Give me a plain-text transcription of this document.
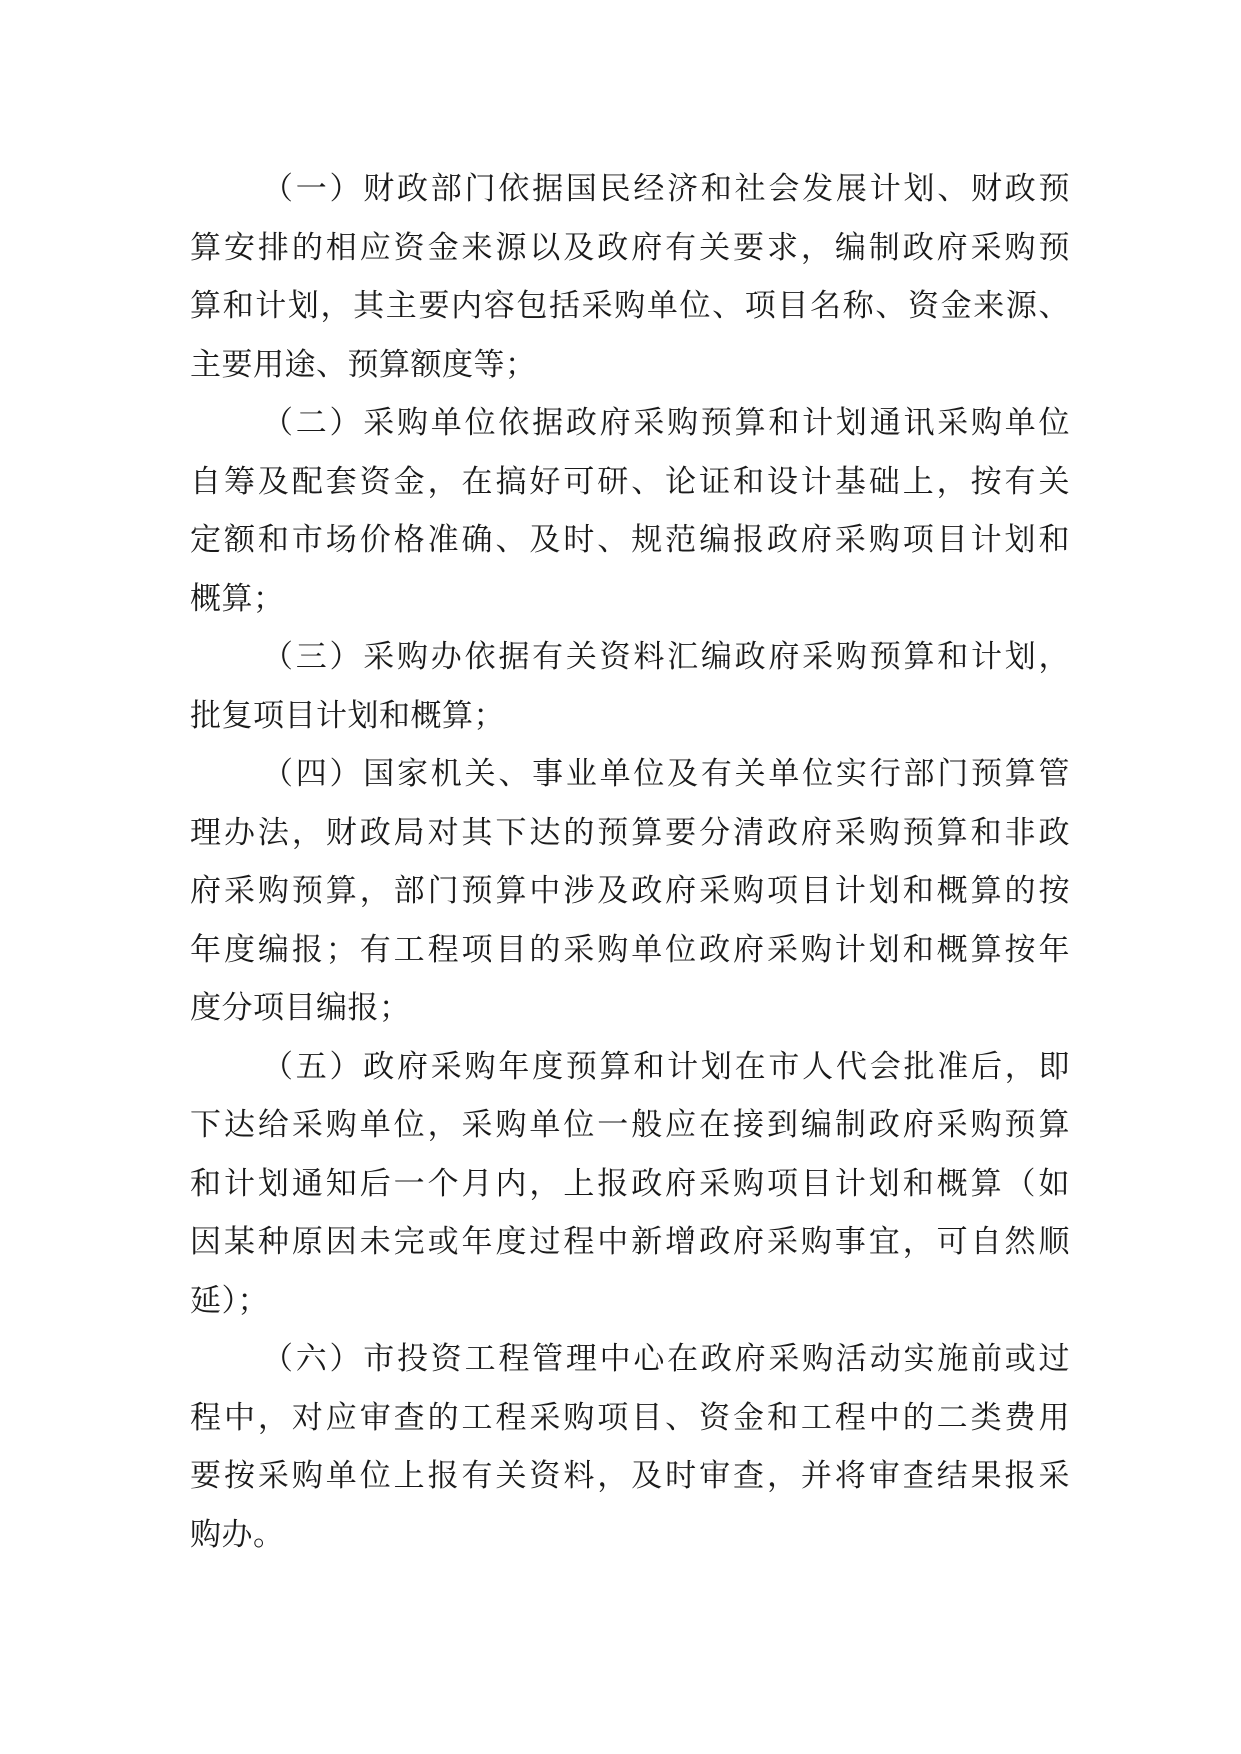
（一）财政部门依据国民经济和社会发展计划、财政预
算安排的相应资金来源以及政府有关要求，编制政府采购预
算和计划，其主要内容包括采购单位、项目名称、资金来源、
主要用途、预算额度等；
（二）采购单位依据政府采购预算和计划通讯采购单位
自筹及配套资金，在搞好可研、论证和设计基础上，按有关
定额和市场价格准确、及时、规范编报政府采购项目计划和
概算；
（三）采购办依据有关资料汇编政府采购预算和计划，
批复项目计划和概算；
（四）国家机关、事业单位及有关单位实行部门预算管
理办法，财政局对其下达的预算要分清政府采购预算和非政
府采购预算，部门预算中涉及政府采购项目计划和概算的按
年度编报；有工程项目的采购单位政府采购计划和概算按年
度分项目编报；
（五）政府采购年度预算和计划在市人代会批准后，即
下达给采购单位，采购单位一般应在接到编制政府采购预算
和计划通知后一个月内，上报政府采购项目计划和概算（如
因某种原因未完或年度过程中新增政府采购事宜，可自然顺
延）；
（六）市投资工程管理中心在政府采购活动实施前或过
程中，对应审查的工程采购项目、资金和工程中的二类费用
要按采购单位上报有关资料，及时审查，并将审查结果报采
购办。
